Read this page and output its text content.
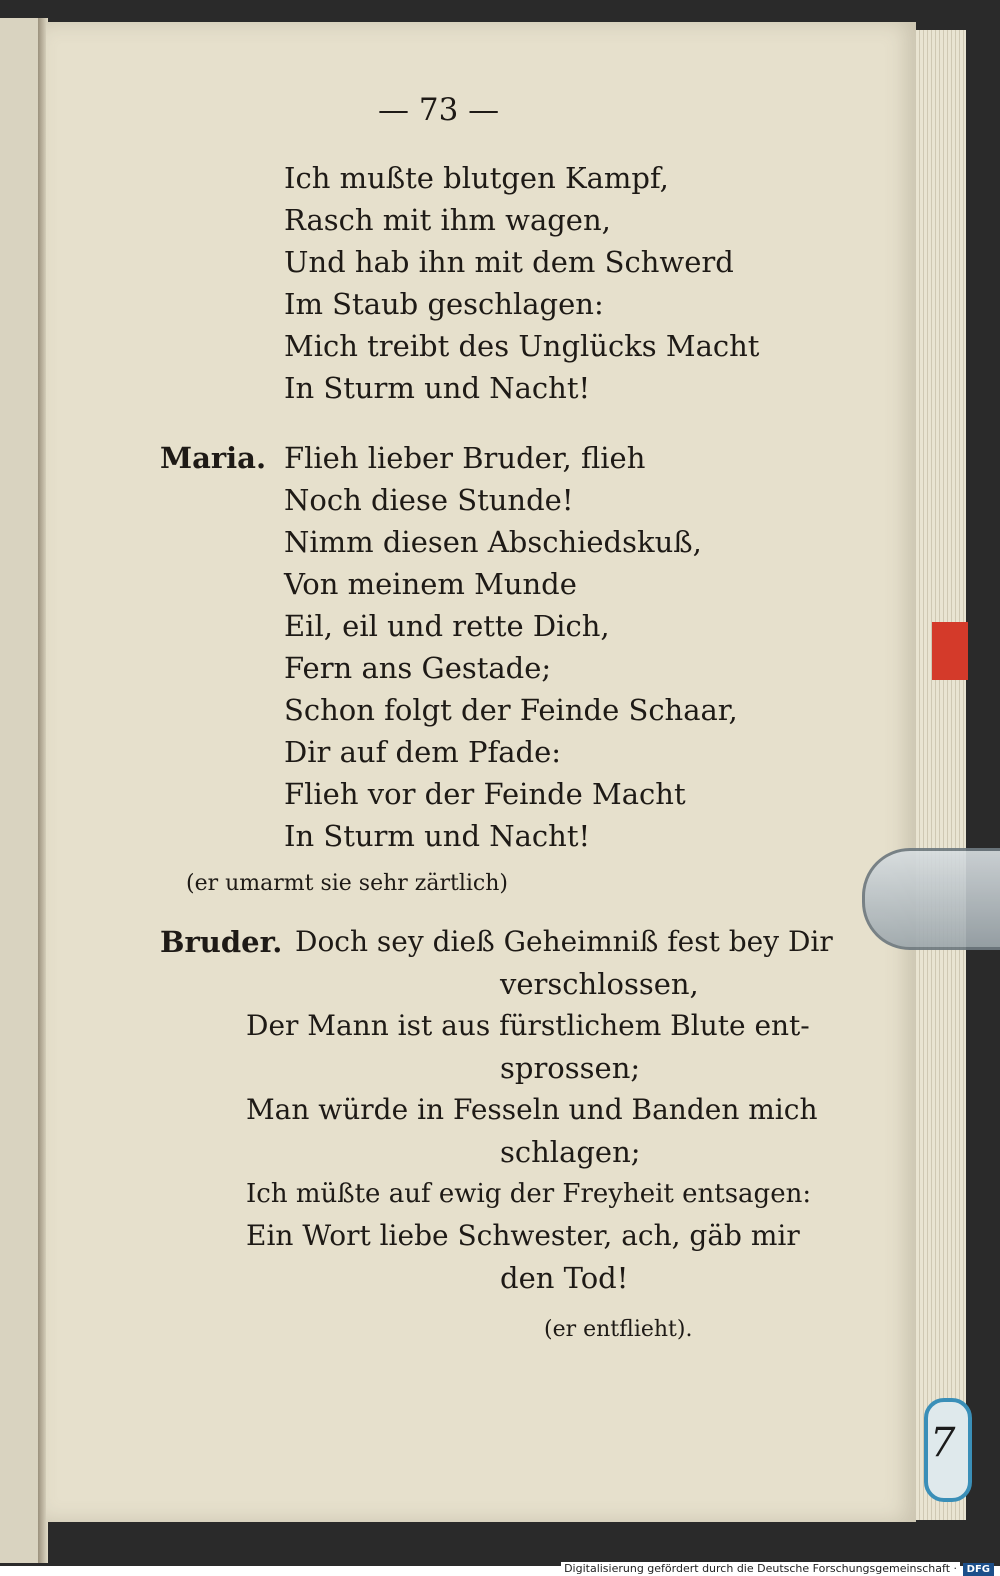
7
— 73 —
Ich mußte blutgen Kampf,
Rasch mit ihm wagen,
Und hab ihn mit dem Schwerd
Im Staub geschlagen:
Mich treibt des Unglücks Macht
In Sturm und Nacht!
Maria. Flieh lieber Bruder, flieh
Noch diese Stunde!
Nimm diesen Abschiedskuß,
Von meinem Munde
Eil, eil und rette Dich,
Fern ans Gestade;
Schon folgt der Feinde Schaar,
Dir auf dem Pfade:
Flieh vor der Feinde Macht
In Sturm und Nacht!
(er umarmt sie sehr zärtlich)
Bruder. Doch sey dieß Geheimniß fest bey Dir
verschlossen,
Der Mann ist aus fürstlichem Blute ent-
sprossen;
Man würde in Fesseln und Banden mich
schlagen;
Ich müßte auf ewig der Freyheit entsagen:
Ein Wort liebe Schwester, ach, gäb mir
den Tod!
(er entflieht).
Digitalisierung gefördert durch die Deutsche Forschungsgemeinschaft · DFG
